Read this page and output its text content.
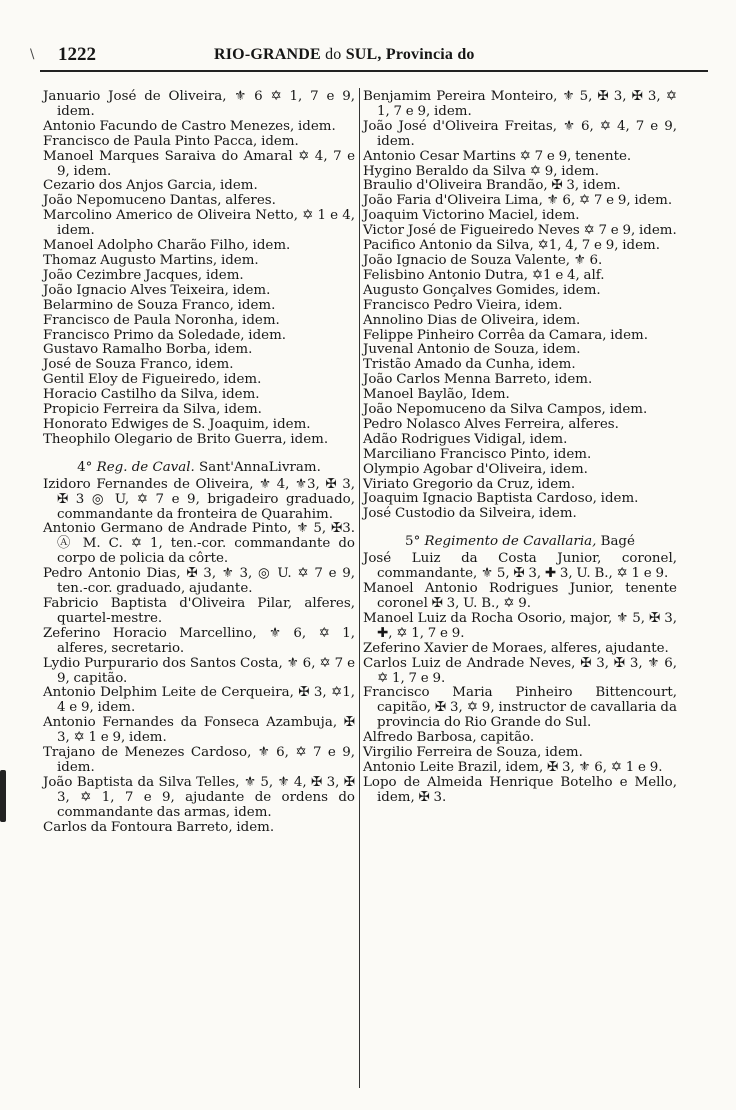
\ 1222	RIO-GRANDE do SUL, Provincia do
Januario José de Oliveira, ⚜ 6 ✡ 1, 7 e 9, idem.
Antonio Facundo de Castro Menezes, idem.
Francisco de Paula Pinto Pacca, idem.
Manoel Marques Saraiva do Amaral ✡ 4, 7 e 9, idem.
Cezario dos Anjos Garcia, idem.
João Nepomuceno Dantas, alferes.
Marcolino Americo de Oliveira Netto, ✡ 1 e 4, idem.
Manoel Adolpho Charão Filho, idem.
Thomaz Augusto Martins, idem.
João Cezimbre Jacques, idem.
João Ignacio Alves Teixeira, idem.
Belarmino de Souza Franco, idem.
Francisco de Paula Noronha, idem.
Francisco Primo da Soledade, idem.
Gustavo Ramalho Borba, idem.
José de Souza Franco, idem.
Gentil Eloy de Figueiredo, idem.
Horacio Castilho da Silva, idem.
Propicio Ferreira da Silva, idem.
Honorato Edwiges de S. Joaquim, idem.
Theophilo Olegario de Brito Guerra, idem.
4° Reg. de Caval. Sant'AnnaLivram.
Izidoro Fernandes de Oliveira, ⚜ 4, ⚜3, ✠ 3, ✠ 3 ◎ U, ✡ 7 e 9, brigadeiro graduado, commandante da fronteira de Quarahim.
Antonio Germano de Andrade Pinto, ⚜ 5, ✠3. Ⓐ M. C. ✡ 1, ten.-cor. commandante do corpo de policia da côrte.
Pedro Antonio Dias, ✠ 3, ⚜ 3, ◎ U. ✡ 7 e 9, ten.-cor. graduado, ajudante.
Fabricio Baptista d'Oliveira Pilar, alferes, quartel-mestre.
Zeferino Horacio Marcellino, ⚜ 6, ✡ 1, alferes, secretario.
Lydio Purpurario dos Santos Costa, ⚜ 6, ✡ 7 e 9, capitão.
Antonio Delphim Leite de Cerqueira, ✠ 3, ✡1, 4 e 9, idem.
Antonio Fernandes da Fonseca Azambuja, ✠ 3, ✡ 1 e 9, idem.
Trajano de Menezes Cardoso, ⚜ 6, ✡ 7 e 9, idem.
João Baptista da Silva Telles, ⚜ 5, ⚜ 4, ✠ 3, ✠ 3, ✡ 1, 7 e 9, ajudante de ordens do commandante das armas, idem.
Carlos da Fontoura Barreto, idem.
Benjamim Pereira Monteiro, ⚜ 5, ✠ 3, ✠ 3, ✡ 1, 7 e 9, idem.
João José d'Oliveira Freitas, ⚜ 6, ✡ 4, 7 e 9, idem.
Antonio Cesar Martins ✡ 7 e 9, tenente.
Hygino Beraldo da Silva ✡ 9, idem.
Braulio d'Oliveira Brandão, ✠ 3, idem.
João Faria d'Oliveira Lima, ⚜ 6, ✡ 7 e 9, idem.
Joaquim Victorino Maciel, idem.
Victor José de Figueiredo Neves ✡ 7 e 9, idem.
Pacifico Antonio da Silva, ✡1, 4, 7 e 9, idem.
João Ignacio de Souza Valente, ⚜ 6.
Felisbino Antonio Dutra, ✡1 e 4, alf.
Augusto Gonçalves Gomides, idem.
Francisco Pedro Vieira, idem.
Annolino Dias de Oliveira, idem.
Felippe Pinheiro Corrêa da Camara, idem.
Juvenal Antonio de Souza, idem.
Tristão Amado da Cunha, idem.
João Carlos Menna Barreto, idem.
Manoel Baylão, Idem.
João Nepomuceno da Silva Campos, idem.
Pedro Nolasco Alves Ferreira, alferes.
Adão Rodrigues Vidigal, idem.
Marciliano Francisco Pinto, idem.
Olympio Agobar d'Oliveira, idem.
Viriato Gregorio da Cruz, idem.
Joaquim Ignacio Baptista Cardoso, idem.
José Custodio da Silveira, idem.
5° Regimento de Cavallaria, Bagé
José Luiz da Costa Junior, coronel, commandante, ⚜ 5, ✠ 3, ✚ 3, U. B., ✡ 1 e 9.
Manoel Antonio Rodrigues Junior, tenente coronel ✠ 3, U. B., ✡ 9.
Manoel Luiz da Rocha Osorio, major, ⚜ 5, ✠ 3, ✚, ✡ 1, 7 e 9.
Zeferino Xavier de Moraes, alferes, ajudante.
Carlos Luiz de Andrade Neves, ✠ 3, ✠ 3, ⚜ 6, ✡ 1, 7 e 9.
Francisco Maria Pinheiro Bittencourt, capitão, ✠ 3, ✡ 9, instructor de cavallaria da provincia do Rio Grande do Sul.
Alfredo Barbosa, capitão.
Virgilio Ferreira de Souza, idem.
Antonio Leite Brazil, idem, ✠ 3, ⚜ 6, ✡ 1 e 9.
Lopo de Almeida Henrique Botelho e Mello, idem, ✠ 3.
